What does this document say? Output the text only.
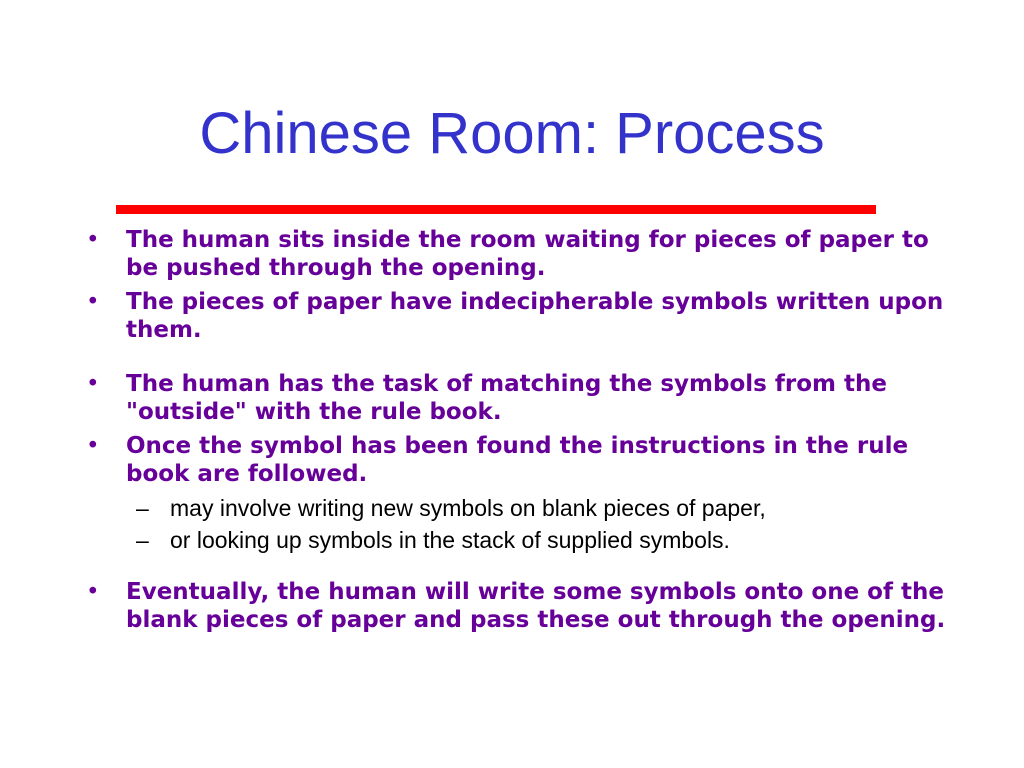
Chinese Room: Process
• The human sits inside the room waiting for pieces of paper to be pushed through the opening.
• The pieces of paper have indecipherable symbols written upon them.
• The human has the task of matching the symbols from the "outside" with the rule book.
• Once the symbol has been found the instructions in the rule book are followed.
– may involve writing new symbols on blank pieces of paper,
– or looking up symbols in the stack of supplied symbols.
• Eventually, the human will write some symbols onto one of the blank pieces of paper and pass these out through the opening.
